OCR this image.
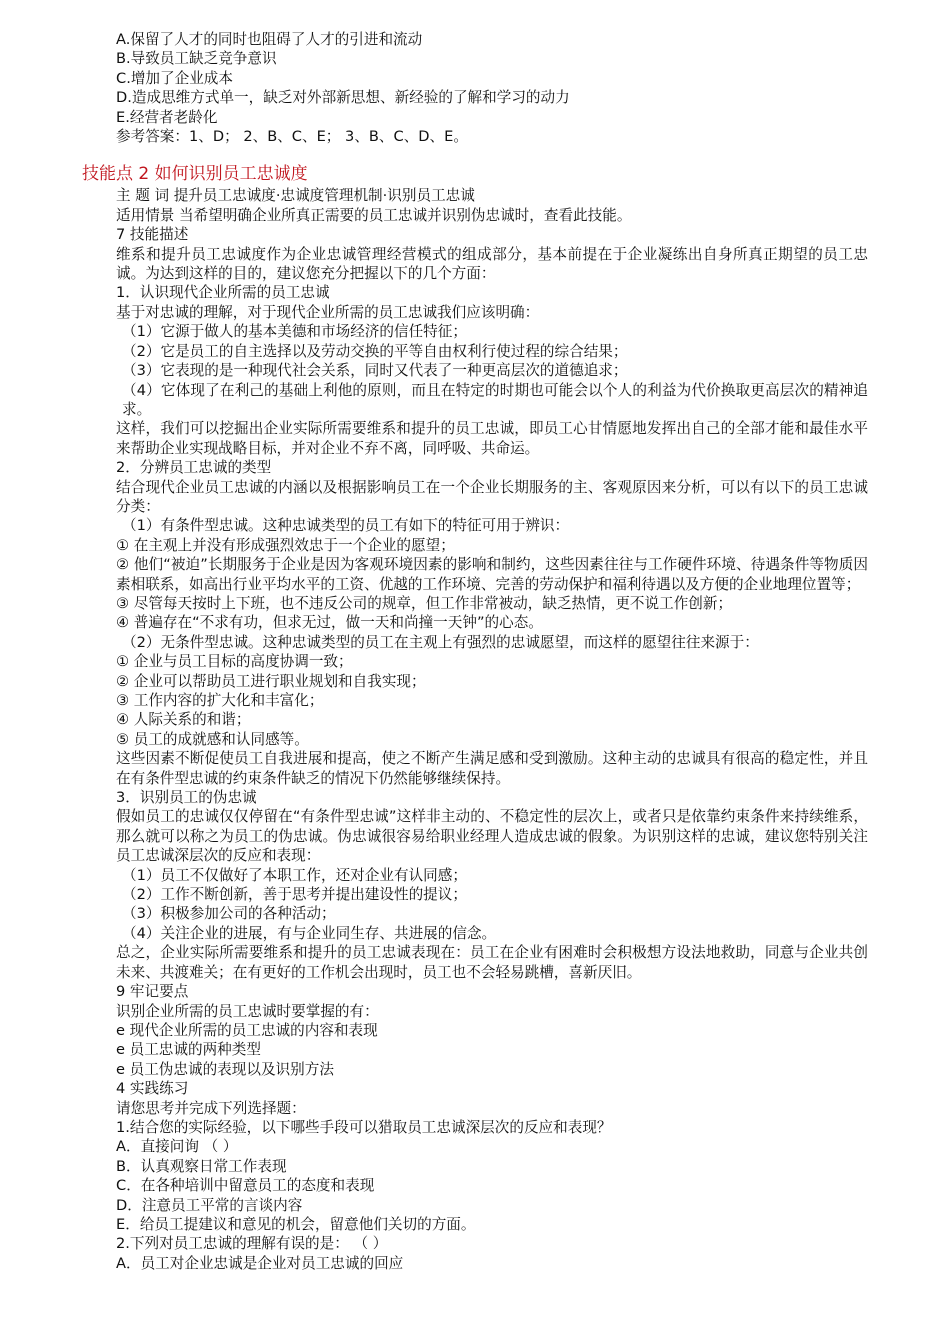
A.保留了人才的同时也阻碍了人才的引进和流动

B.导致员工缺乏竞争意识

C.增加了企业成本

D.造成思维方式单一，缺乏对外部新思想、新经验的了解和学习的动力

E.经营者老龄化

参考答案：1、D； 2、B、C、E； 3、B、C、D、E。

技能点 2 如何识别员工忠诚度

主 题 词 提升员工忠诚度·忠诚度管理机制·识别员工忠诚

适用情景 当希望明确企业所真正需要的员工忠诚并识别伪忠诚时，查看此技能。

7 技能描述

维系和提升员工忠诚度作为企业忠诚管理经营模式的组成部分，基本前提在于企业凝练出自身所真正期望的员工忠诚。为达到这样的目的，建议您充分把握以下的几个方面：

1．认识现代企业所需的员工忠诚

基于对忠诚的理解，对于现代企业所需的员工忠诚我们应该明确：

（1）它源于做人的基本美德和市场经济的信任特征；

（2）它是员工的自主选择以及劳动交换的平等自由权利行使过程的综合结果；

（3）它表现的是一种现代社会关系，同时又代表了一种更高层次的道德追求；

（4）它体现了在利己的基础上利他的原则，而且在特定的时期也可能会以个人的利益为代价换取更高层次的精神追求。

这样，我们可以挖掘出企业实际所需要维系和提升的员工忠诚，即员工心甘情愿地发挥出自己的全部才能和最佳水平来帮助企业实现战略目标，并对企业不弃不离，同呼吸、共命运。

2．分辨员工忠诚的类型

结合现代企业员工忠诚的内涵以及根据影响员工在一个企业长期服务的主、客观原因来分析，可以有以下的员工忠诚分类：

（1）有条件型忠诚。这种忠诚类型的员工有如下的特征可用于辨识：

① 在主观上并没有形成强烈效忠于一个企业的愿望；

② 他们“被迫”长期服务于企业是因为客观环境因素的影响和制约，这些因素往往与工作硬件环境、待遇条件等物质因素相联系，如高出行业平均水平的工资、优越的工作环境、完善的劳动保护和福利待遇以及方便的企业地理位置等；

③ 尽管每天按时上下班，也不违反公司的规章，但工作非常被动，缺乏热情，更不说工作创新；

④ 普遍存在“不求有功，但求无过，做一天和尚撞一天钟”的心态。

（2）无条件型忠诚。这种忠诚类型的员工在主观上有强烈的忠诚愿望，而这样的愿望往往来源于：

① 企业与员工目标的高度协调一致；

② 企业可以帮助员工进行职业规划和自我实现；

③ 工作内容的扩大化和丰富化；

④ 人际关系的和谐；

⑤ 员工的成就感和认同感等。

这些因素不断促使员工自我进展和提高，使之不断产生满足感和受到激励。这种主动的忠诚具有很高的稳定性，并且在有条件型忠诚的约束条件缺乏的情况下仍然能够继续保持。

3．识别员工的伪忠诚

假如员工的忠诚仅仅停留在“有条件型忠诚”这样非主动的、不稳定性的层次上，或者只是依靠约束条件来持续维系，那么就可以称之为员工的伪忠诚。伪忠诚很容易给职业经理人造成忠诚的假象。为识别这样的忠诚，建议您特别关注员工忠诚深层次的反应和表现：

（1）员工不仅做好了本职工作，还对企业有认同感；

（2）工作不断创新，善于思考并提出建设性的提议；

（3）积极参加公司的各种活动；

（4）关注企业的进展，有与企业同生存、共进展的信念。

总之，企业实际所需要维系和提升的员工忠诚表现在：员工在企业有困难时会积极想方设法地救助，同意与企业共创未来、共渡难关；在有更好的工作机会出现时，员工也不会轻易跳槽，喜新厌旧。

9 牢记要点

识别企业所需的员工忠诚时要掌握的有：

e 现代企业所需的员工忠诚的内容和表现

e 员工忠诚的两种类型

e 员工伪忠诚的表现以及识别方法

4 实践练习

请您思考并完成下列选择题：

1.结合您的实际经验，以下哪些手段可以猎取员工忠诚深层次的反应和表现？

A．直接问询 （ ）

B．认真观察日常工作表现

C．在各种培训中留意员工的态度和表现

D．注意员工平常的言谈内容

E．给员工提建议和意见的机会，留意他们关切的方面。

2.下列对员工忠诚的理解有误的是： （ ）

A．员工对企业忠诚是企业对员工忠诚的回应
